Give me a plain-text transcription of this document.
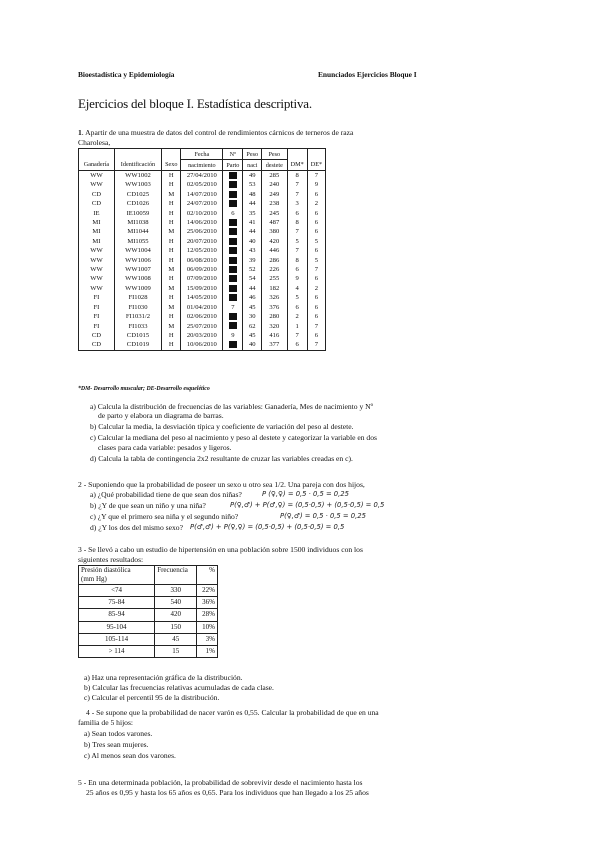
Bioestadística y Epidemiología	Enunciados Ejercicios Bloque I
Ejercicios del bloque I. Estadística descriptiva.
1. Apartir de una muestra de datos del control de rendimientos cárnicos de terneros de raza
Charolesa,
			Fecha	Nº	Peso	Peso		
Ganadería	Identificación	Sexo	nacimiento	Parto	naci	destete	DM*	DE*
WW	WW1002	H	27/04/2010		49	285	8	7
WW	WW1003	H	02/05/2010		53	240	7	9
CD	CD1025	M	14/07/2010		48	249	7	6
CD	CD1026	H	24/07/2010		44	238	3	2
IE	IE10059	H	02/10/2010	6	35	245	6	6
MI	MI1038	H	14/06/2010		41	487	8	6
MI	MI1044	M	25/06/2010		44	380	7	6
MI	MI1055	H	20/07/2010		40	420	5	5
WW	WW1004	H	12/05/2010		43	446	7	6
WW	WW1006	H	06/08/2010		39	286	8	5
WW	WW1007	M	06/09/2010		52	226	6	7
WW	WW1008	H	07/09/2010		54	255	9	6
WW	WW1009	M	15/09/2010		44	182	4	2
FI	FI1028	H	14/05/2010		46	326	5	6
FI	FI1030	M	01/04/2010	7	45	376	6	6
FI	FI1031/2	H	02/06/2010		30	280	2	6
FI	FI1033	M	25/07/2010		62	320	1	7
CD	CD1015	H	20/03/2010	9	45	416	7	6
CD	CD1019	H	10/06/2010		40	377	6	7
*DM- Desarrollo muscular; DE-Desarrollo esquelético
a) Calcula la distribución de frecuencias de las variables: Ganadería, Mes de nacimiento y Nº
de parto y elabora un diagrama de barras.
b) Calcular la media, la desviación típica y coeficiente de variación del peso al destete.
c) Calcular la mediana del peso al nacimiento y peso al destete y categorizar la variable en dos
clases para cada variable: pesados y ligeros.
d) Calcula la tabla de contingencia 2x2 resultante de cruzar las variables creadas en c).
2 - Suponiendo que la probabilidad de poseer un sexo u otro sea 1/2. Una pareja con dos hijos,
a) ¿Qué probabilidad tiene de que sean dos niñas?	P (♀,♀) = 0,5 · 0,5 = 0,25
b) ¿Y de que sean un niño y una niña?	P(♀,♂) + P(♂,♀) = (0,5·0,5) + (0,5·0,5) = 0,5
c) ¿Y que el primero sea niña y el segundo niño?	P(♀,♂) = 0,5 · 0,5 = 0,25
d) ¿Y los dos del mismo sexo? P(♂,♂) + P(♀,♀) = (0,5·0,5) + (0,5·0,5) = 0,5
3 - Se llevó a cabo un estudio de hipertensión en una población sobre 1500 individuos con los
siguientes resultados:
Presión diastólica
(mm Hg)	Frecuencia	%
<74	330	22%
75-84	540	36%
85-94	420	28%
95-104	150	10%
105-114	45	3%
> 114	15	1%
a) Haz una representación gráfica de la distribución.
b) Calcular las frecuencias relativas acumuladas de cada clase.
c) Calcular el percentil 95 de la distribución.
4 - Se supone que la probabilidad de nacer varón es 0,55. Calcular la probabilidad de que en una
familia de 5 hijos:
a) Sean todos varones.
b) Tres sean mujeres.
c) Al menos sean dos varones.
5 - En una determinada población, la probabilidad de sobrevivir desde el nacimiento hasta los
25 años es 0,95 y hasta los 65 años es 0,65. Para los individuos que han llegado a los 25 años
